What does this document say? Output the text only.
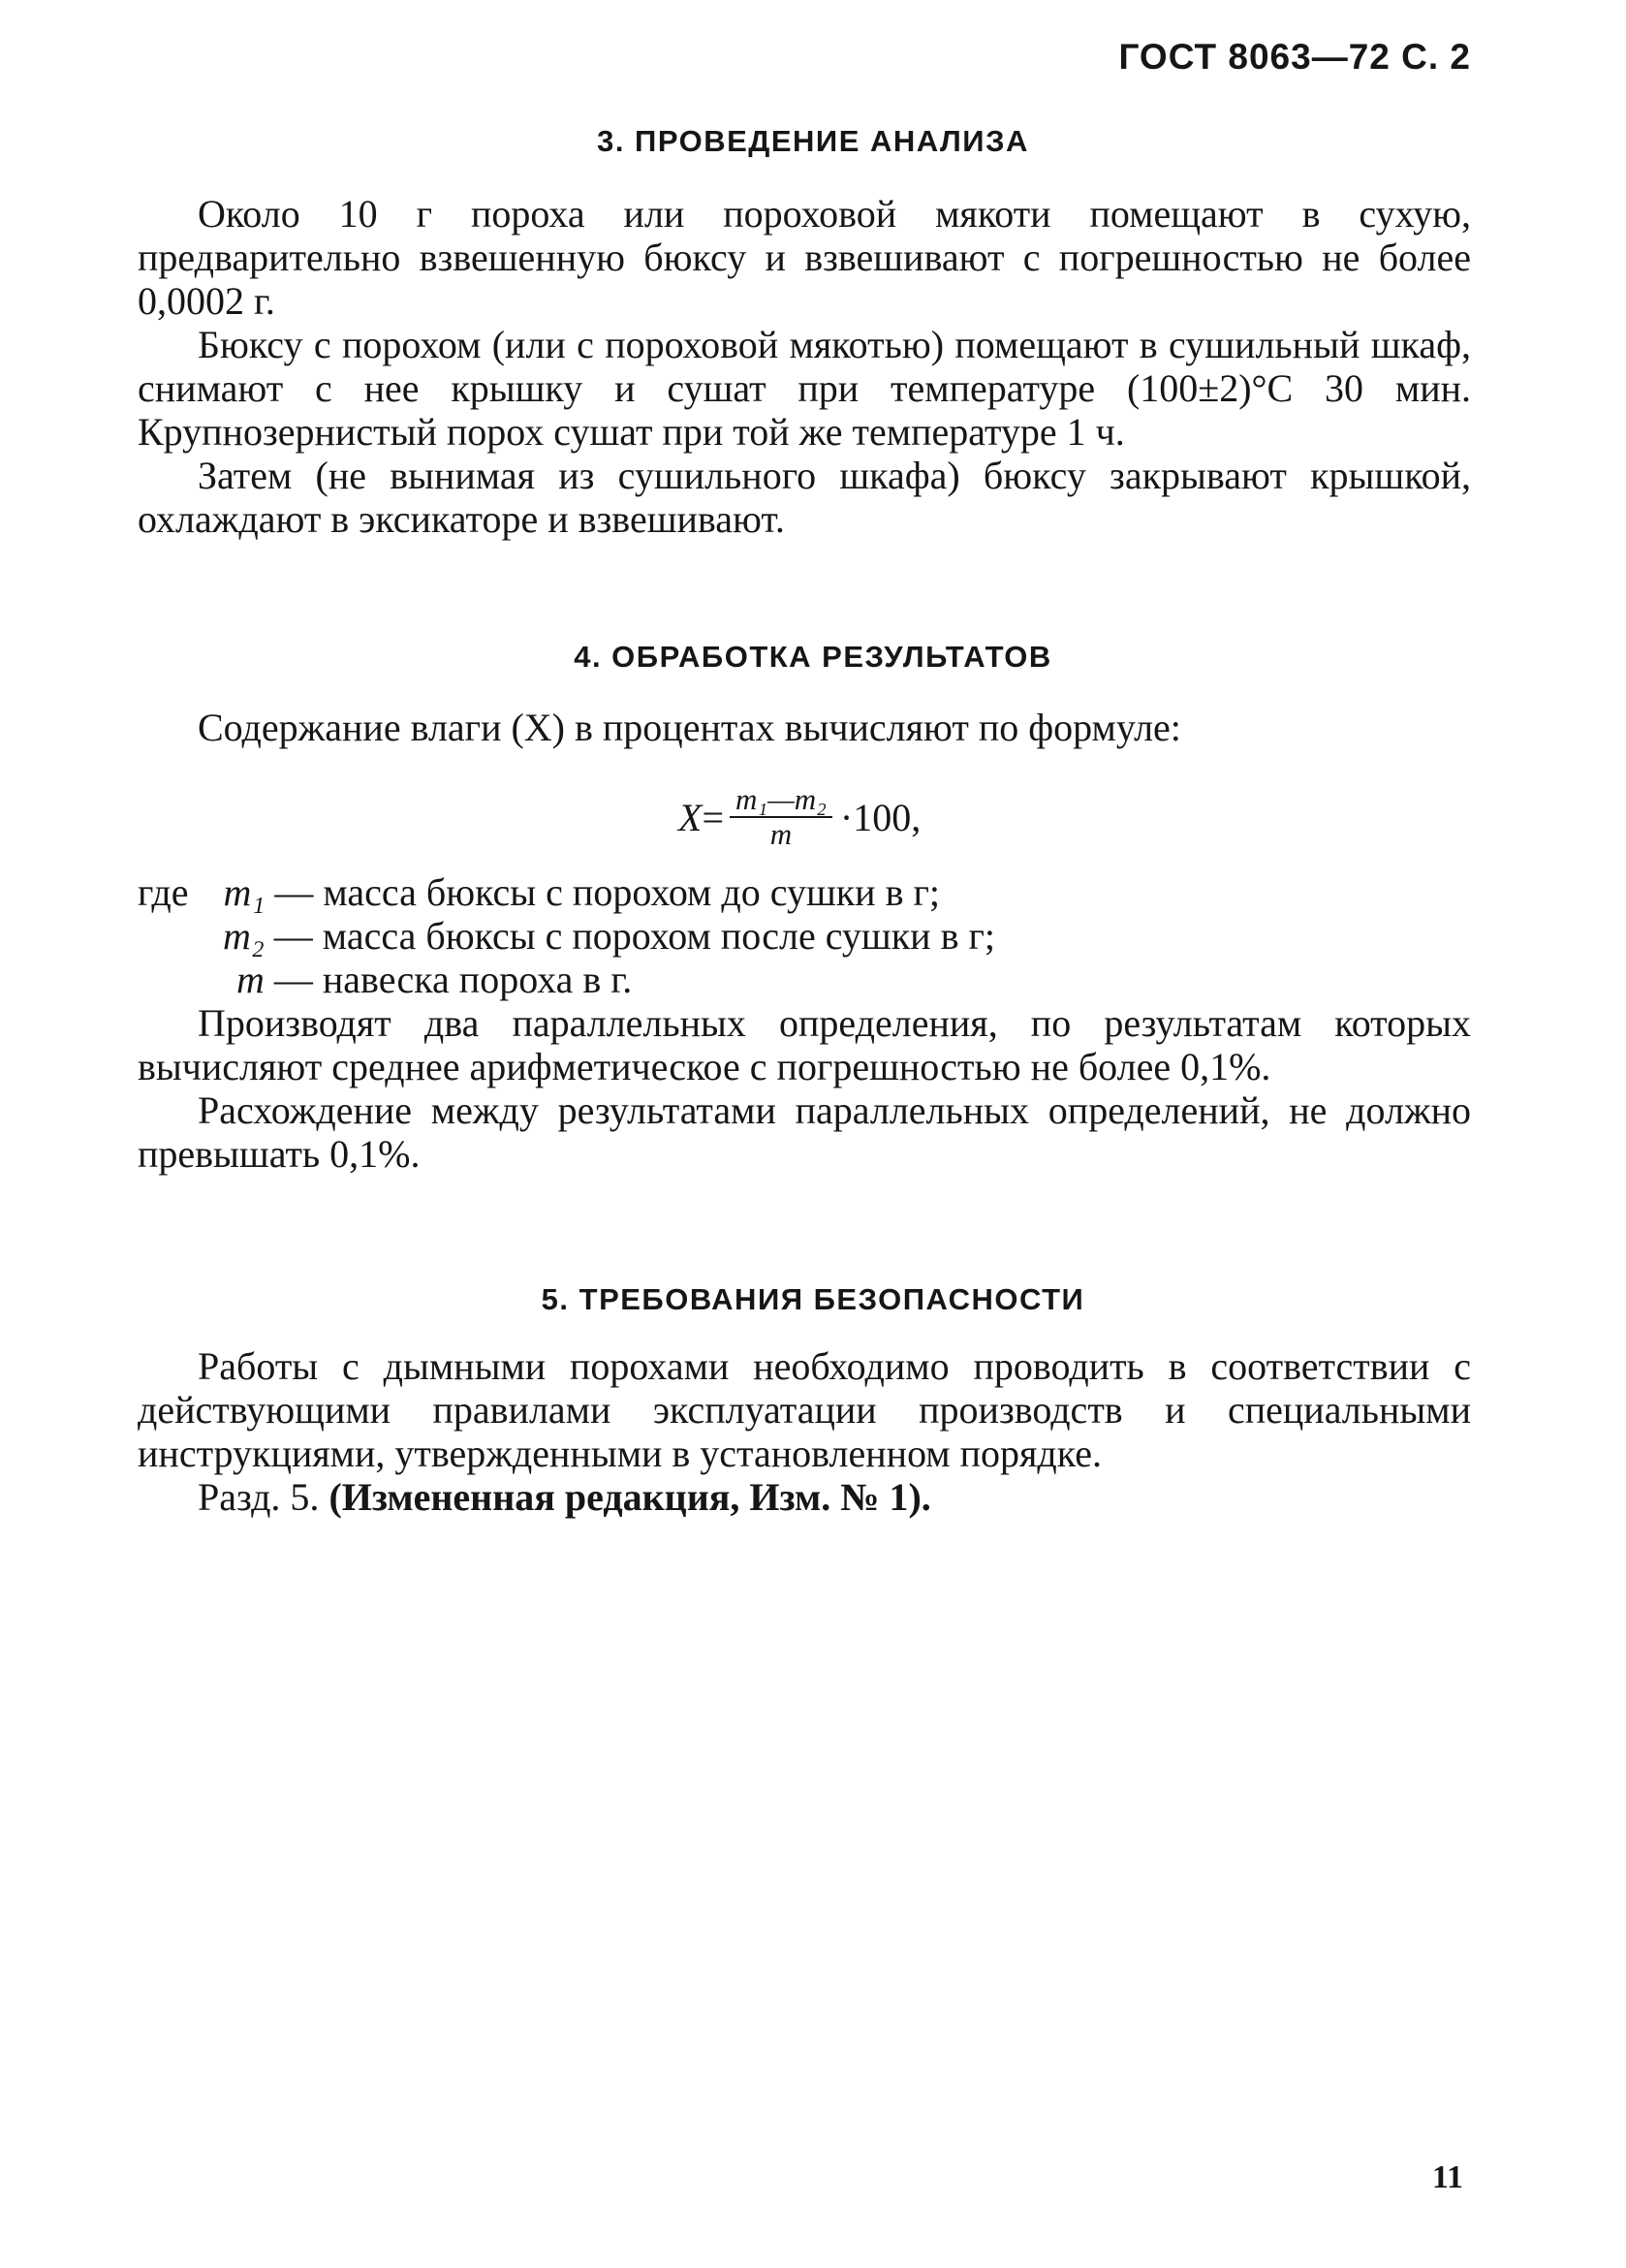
ГОСТ 8063—72 С. 2
3. ПРОВЕДЕНИЕ АНАЛИЗА

Около 10 г пороха или пороховой мякоти помещают в сухую, предварительно взвешенную бюксу и взвешивают с погрешностью не более 0,0002 г.

Бюксу с порохом (или с пороховой мякотью) помещают в сушильный шкаф, снимают с нее крышку и сушат при температуре (100±2)°С 30 мин. Крупнозернистый порох сушат при той же температуре 1 ч.

Затем (не вынимая из сушильного шкафа) бюксу закрывают крышкой, охлаждают в эксикаторе и взвешивают.

4. ОБРАБОТКА РЕЗУЛЬТАТОВ

Содержание влаги (X) в процентах вычисляют по формуле:

$X = \frac{\text{m₁—m₂}}{m} \cdot 100$,
где m₁ — масса бюксы с порохом до сушки в г;
m₂ — масса бюксы с порохом после сушки в г;
m — навеска пороха в г.

Производят два параллельных определения, по результатам которых вычисляют среднее арифметическое с погрешностью не более 0,1%.

Расхождение между результатами параллельных определений, не должно превышать 0,1%.

5. ТРЕБОВАНИЯ БЕЗОПАСНОСТИ

Работы с дымными порохами необходимо проводить в соответствии с действующими правилами эксплуатации производств и специальными инструкциями, утвержденными в установленном порядке.

Разд. 5. (Измененная редакция, Изм. № 1).

11
